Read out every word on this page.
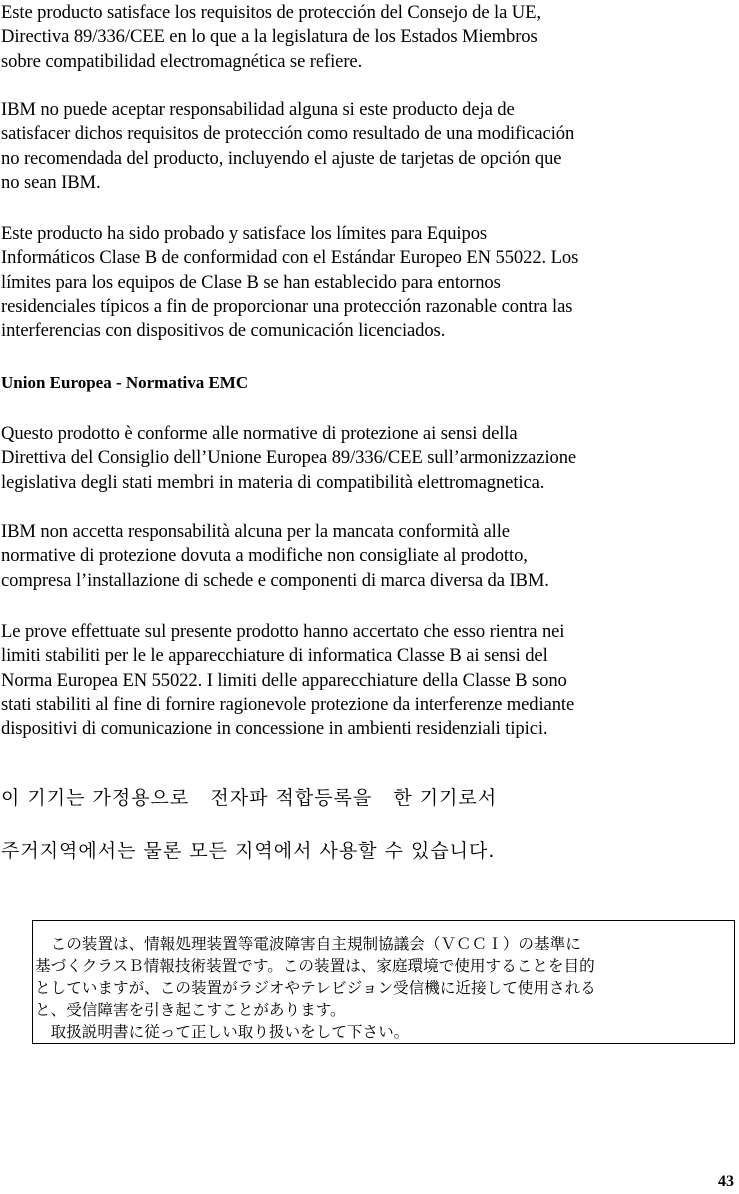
Este producto satisface los requisitos de protección del Consejo de la UE,
Directiva 89/336/CEE en lo que a la legislatura de los Estados Miembros
sobre compatibilidad electromagnética se refiere.

IBM no puede aceptar responsabilidad alguna si este producto deja de
satisfacer dichos requisitos de protección como resultado de una modificación
no recomendada del producto, incluyendo el ajuste de tarjetas de opción que
no sean IBM.

Este producto ha sido probado y satisface los límites para Equipos
Informáticos Clase B de conformidad con el Estándar Europeo EN 55022. Los
límites para los equipos de Clase B se han establecido para entornos
residenciales típicos a fin de proporcionar una protección razonable contra las
interferencias con dispositivos de comunicación licenciados.

Union Europea - Normativa EMC

Questo prodotto è conforme alle normative di protezione ai sensi della
Direttiva del Consiglio dell’Unione Europea 89/336/CEE sull’armonizzazione
legislativa degli stati membri in materia di compatibilità elettromagnetica.

IBM non accetta responsabilità alcuna per la mancata conformità alle
normative di protezione dovuta a modifiche non consigliate al prodotto,
compresa l’installazione di schede e componenti di marca diversa da IBM.

Le prove effettuate sul presente prodotto hanno accertato che esso rientra nei
limiti stabiliti per le le apparecchiature di informatica Classe B ai sensi del
Norma Europea EN 55022. I limiti delle apparecchiature della Classe B sono
stati stabiliti al fine di fornire ragionevole protezione da interferenze mediante
dispositivi di comunicazione in concessione in ambienti residenziali tipici.

이 기기는 가정용으로   전자파 적합등록을   한 기기로서

주거지역에서는 물론 모든 지역에서 사용할 수 있습니다.

　この装置は、情報処理装置等電波障害自主規制協議会（ＶＣＣＩ）の基準に
基づくクラスＢ情報技術装置です。この装置は、家庭環境で使用することを目的
としていますが、この装置がラジオやテレビジョン受信機に近接して使用される
と、受信障害を引き起こすことがあります。
　取扱説明書に従って正しい取り扱いをして下さい。

43
